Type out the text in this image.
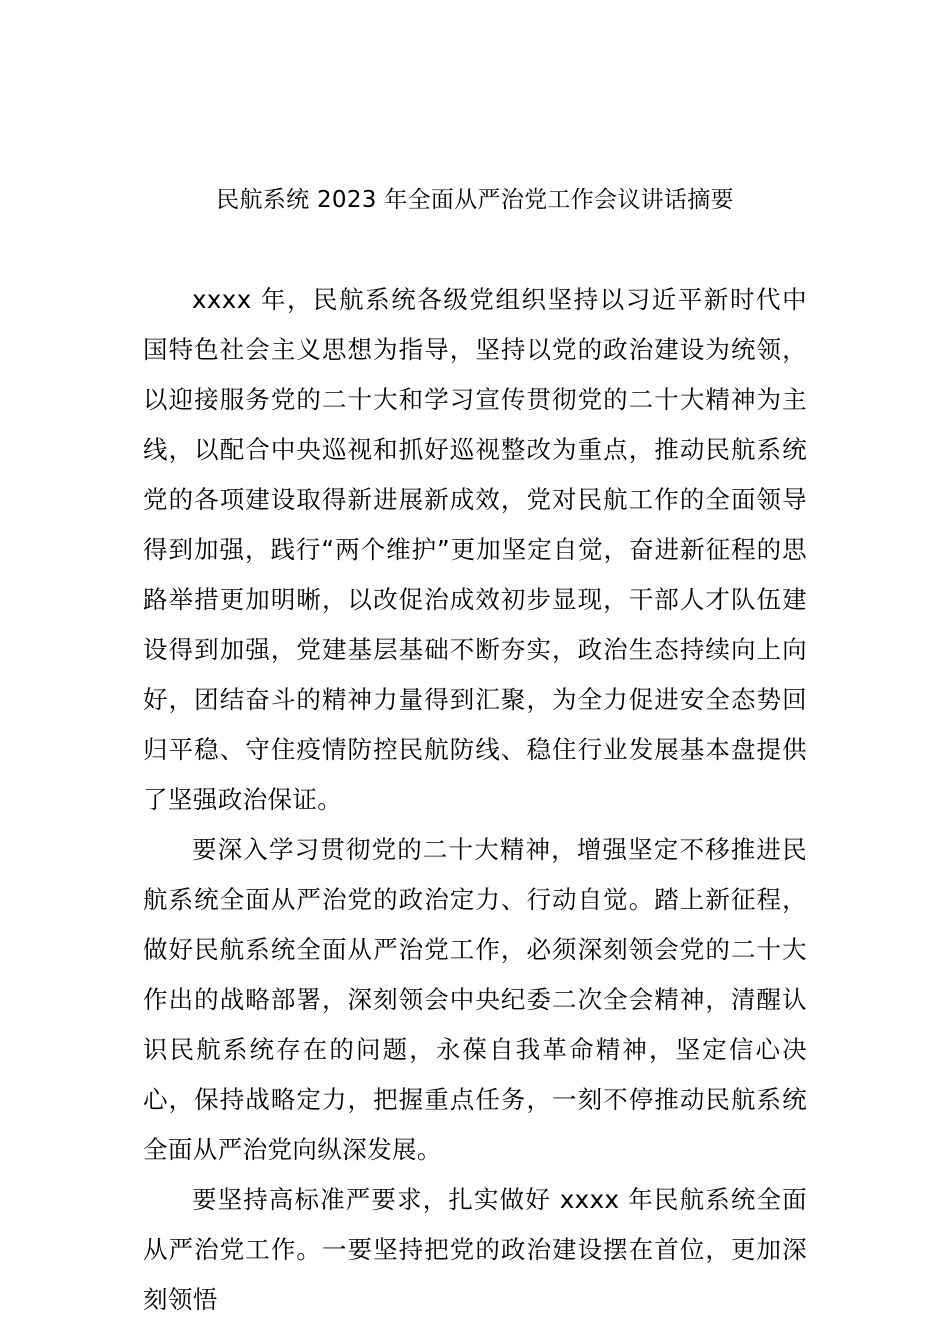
民航系统 2023 年全面从严治党工作会议讲话摘要

xxxx 年，民航系统各级党组织坚持以习近平新时代中国特色社会主义思想为指导，坚持以党的政治建设为统领，以迎接服务党的二十大和学习宣传贯彻党的二十大精神为主线，以配合中央巡视和抓好巡视整改为重点，推动民航系统党的各项建设取得新进展新成效，党对民航工作的全面领导得到加强，践行“两个维护”更加坚定自觉，奋进新征程的思路举措更加明晰，以改促治成效初步显现，干部人才队伍建设得到加强，党建基层基础不断夯实，政治生态持续向上向好，团结奋斗的精神力量得到汇聚，为全力促进安全态势回归平稳、守住疫情防控民航防线、稳住行业发展基本盘提供了坚强政治保证。

要深入学习贯彻党的二十大精神，增强坚定不移推进民航系统全面从严治党的政治定力、行动自觉。踏上新征程，做好民航系统全面从严治党工作，必须深刻领会党的二十大作出的战略部署，深刻领会中央纪委二次全会精神，清醒认识民航系统存在的问题，永葆自我革命精神，坚定信心决心，保持战略定力，把握重点任务，一刻不停推动民航系统全面从严治党向纵深发展。

要坚持高标准严要求，扎实做好 xxxx 年民航系统全面从严治党工作。一要坚持把党的政治建设摆在首位，更加深刻领悟
